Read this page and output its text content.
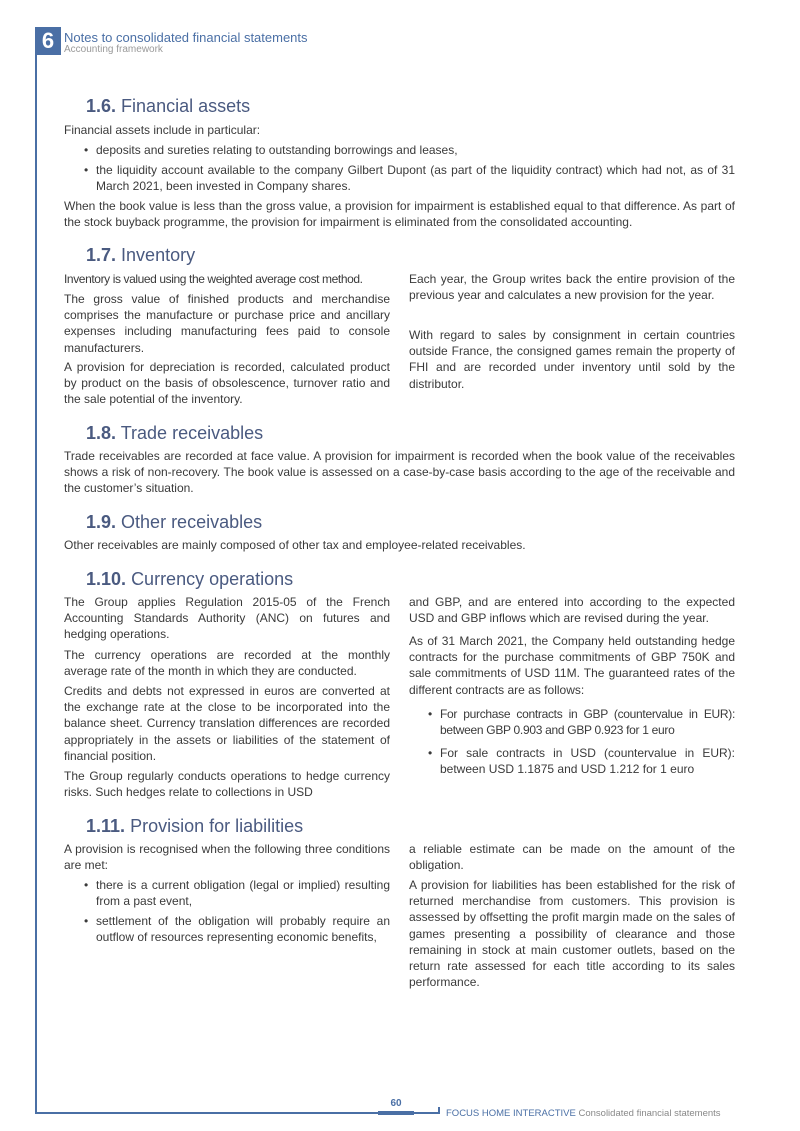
6 Notes to consolidated financial statements
Accounting framework
1.6. Financial assets

Financial assets include in particular:

• deposits and sureties relating to outstanding borrowings and leases,

• the liquidity account available to the company Gilbert Dupont (as part of the liquidity contract) which had not, as of 31 March 2021, been invested in Company shares.

When the book value is less than the gross value, a provision for impairment is established equal to that difference. As part of the stock buyback programme, the provision for impairment is eliminated from the consolidated accounting.

1.7. Inventory

Inventory is valued using the weighted average cost method.

The gross value of finished products and merchandise comprises the manufacture or purchase price and ancillary expenses including manufacturing fees paid to console manufacturers.

A provision for depreciation is recorded, calculated product by product on the basis of obsolescence, turnover ratio and the sale potential of the inventory.

Each year, the Group writes back the entire provision of the previous year and calculates a new provision for the year.

With regard to sales by consignment in certain countries outside France, the consigned games remain the property of FHI and are recorded under inventory until sold by the distributor.

1.8. Trade receivables

Trade receivables are recorded at face value. A provision for impairment is recorded when the book value of the receivables shows a risk of non-recovery. The book value is assessed on a case-by-case basis according to the age of the receivable and the customer’s situation.

1.9. Other receivables

Other receivables are mainly composed of other tax and employee-related receivables.

1.10. Currency operations

The Group applies Regulation 2015-05 of the French Accounting Standards Authority (ANC) on futures and hedging operations.

The currency operations are recorded at the monthly average rate of the month in which they are conducted.

Credits and debts not expressed in euros are converted at the exchange rate at the close to be incorporated into the balance sheet. Currency translation differences are recorded appropriately in the assets or liabilities of the statement of financial position.

The Group regularly conducts operations to hedge currency risks. Such hedges relate to collections in USD

and GBP, and are entered into according to the expected USD and GBP inflows which are revised during the year.

As of 31 March 2021, the Company held outstanding hedge contracts for the purchase commitments of GBP 750K and sale commitments of USD 11M. The guaranteed rates of the different contracts are as follows:

• For purchase contracts in GBP (countervalue in EUR): between GBP 0.903 and GBP 0.923 for 1 euro

• For sale contracts in USD (countervalue in EUR): between USD 1.1875 and USD 1.212 for 1 euro

1.11. Provision for liabilities

A provision is recognised when the following three conditions are met:

• there is a current obligation (legal or implied) resulting from a past event,

• settlement of the obligation will probably require an outflow of resources representing economic benefits,

a reliable estimate can be made on the amount of the obligation.

A provision for liabilities has been established for the risk of returned merchandise from customers. This provision is assessed by offsetting the profit margin made on the sales of games presenting a possibility of clearance and those remaining in stock at main customer outlets, based on the return rate assessed for each title according to its sales performance.

60
FOCUS HOME INTERACTIVE Consolidated financial statements
